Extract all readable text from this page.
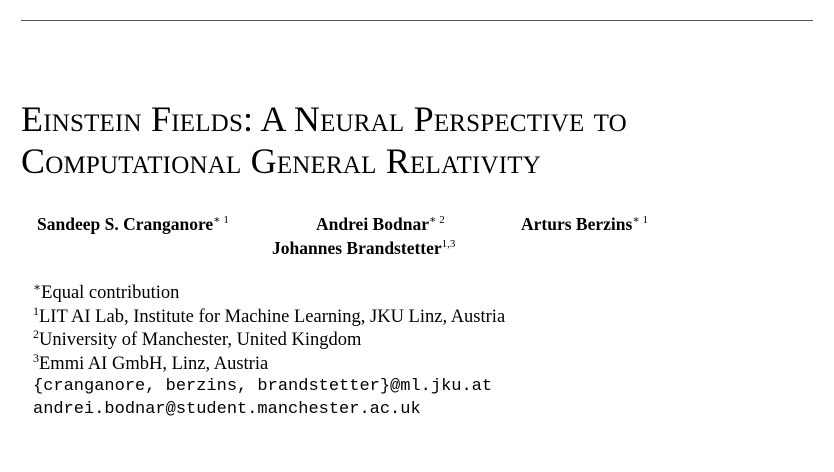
Einstein Fields: A Neural Perspective to
Computational General Relativity
Sandeep S. Cranganore$^{∗ 1}$	Andrei Bodnar$^{∗ 2}$	Arturs Berzins$^{∗ 1}$
Johannes Brandstetter$^{1,3}$
∗Equal contribution
$^1$LIT AI Lab, Institute for Machine Learning, JKU Linz, Austria
$^2$University of Manchester, United Kingdom
$^3$Emmi AI GmbH, Linz, Austria
{cranganore, berzins, brandstetter}@ml.jku.at
andrei.bodnar@student.manchester.ac.uk
